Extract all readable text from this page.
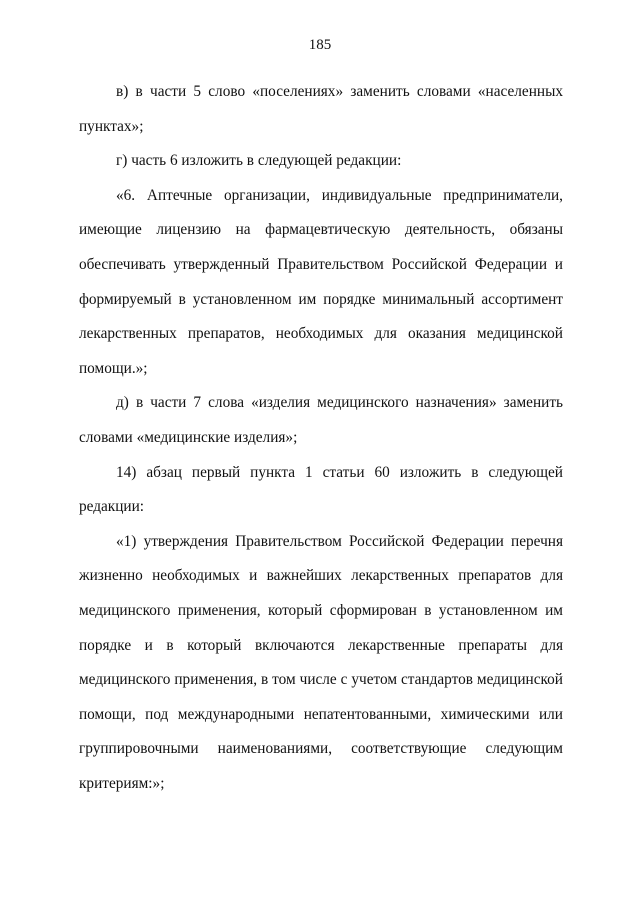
185

в) в части 5 слово «поселениях» заменить словами «населенных пунктах»;

г) часть 6 изложить в следующей редакции:

«6. Аптечные организации, индивидуальные предприниматели, имеющие лицензию на фармацевтическую деятельность, обязаны обеспечивать утвержденный Правительством Российской Федерации и формируемый в установленном им порядке минимальный ассортимент лекарственных препаратов, необходимых для оказания медицинской помощи.»;

д) в части 7 слова «изделия медицинского назначения» заменить словами «медицинские изделия»;

14) абзац первый пункта 1 статьи 60 изложить в следующей редакции:

«1) утверждения Правительством Российской Федерации перечня жизненно необходимых и важнейших лекарственных препаратов для медицинского применения, который сформирован в установленном им порядке и в который включаются лекарственные препараты для медицинского применения, в том числе с учетом стандартов медицинской помощи, под международными непатентованными, химическими или группировочными наименованиями, соответствующие следующим критериям:»;
